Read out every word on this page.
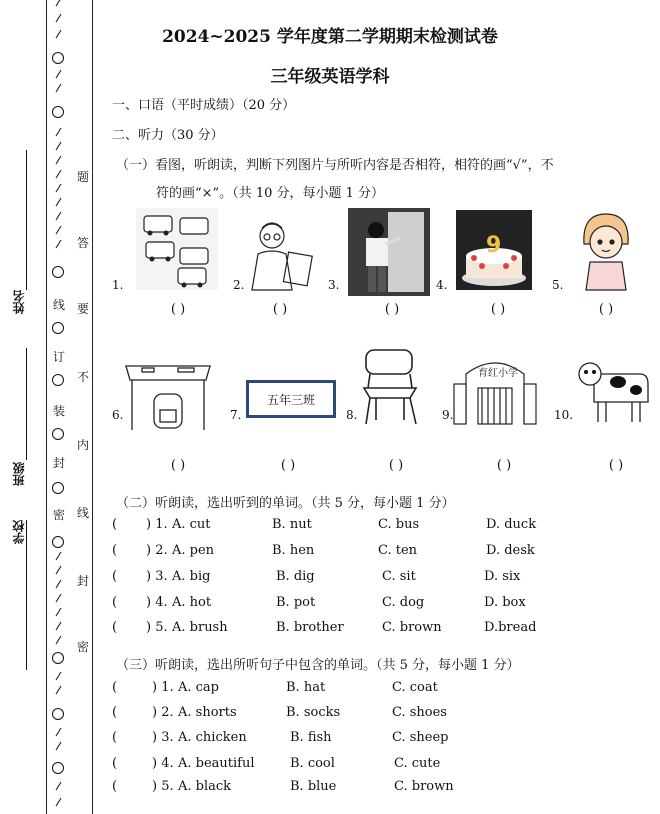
姓名
班级
学校
题
答
要
不
内
线
封
密
线
订
装
封
密
2024~2025 学年度第二学期期末检测试卷
三年级英语学科
一、口语（平时成绩）（20 分）
二、听力（30 分）
（一）看图，听朗读，判断下列图片与所听内容是否相符，相符的画“√”，不
符的画“×”。（共 10 分，每小题 1 分）
1.
( )
2.
( )
3.
( )
4.
9
( )
5.
( )
6.
( )
7.
五年三班
( )
8.
( )
9.
育红小学
( )
10.
( )
（二）听朗读，选出听到的单词。（共 5 分，每小题 1 分）
( ) 1. A. cut	B. nut	C. bus	D. duck
( ) 2. A. pen	B. hen	C. ten	D. desk
( ) 3. A. big	B. dig	C. sit	D. six
( ) 4. A. hot	B. pot	C. dog	D. box
( ) 5. A. brush	B. brother	C. brown	D.bread
（三）听朗读，选出所听句子中包含的单词。（共 5 分，每小题 1 分）
(	) 1. A. cap	B. hat	C. coat
(	) 2. A. shorts	B. socks	C. shoes
(	) 3. A. chicken	B. fish	C. sheep
(	) 4. A. beautiful	B. cool	C. cute
(	) 5. A. black	B. blue	C. brown
